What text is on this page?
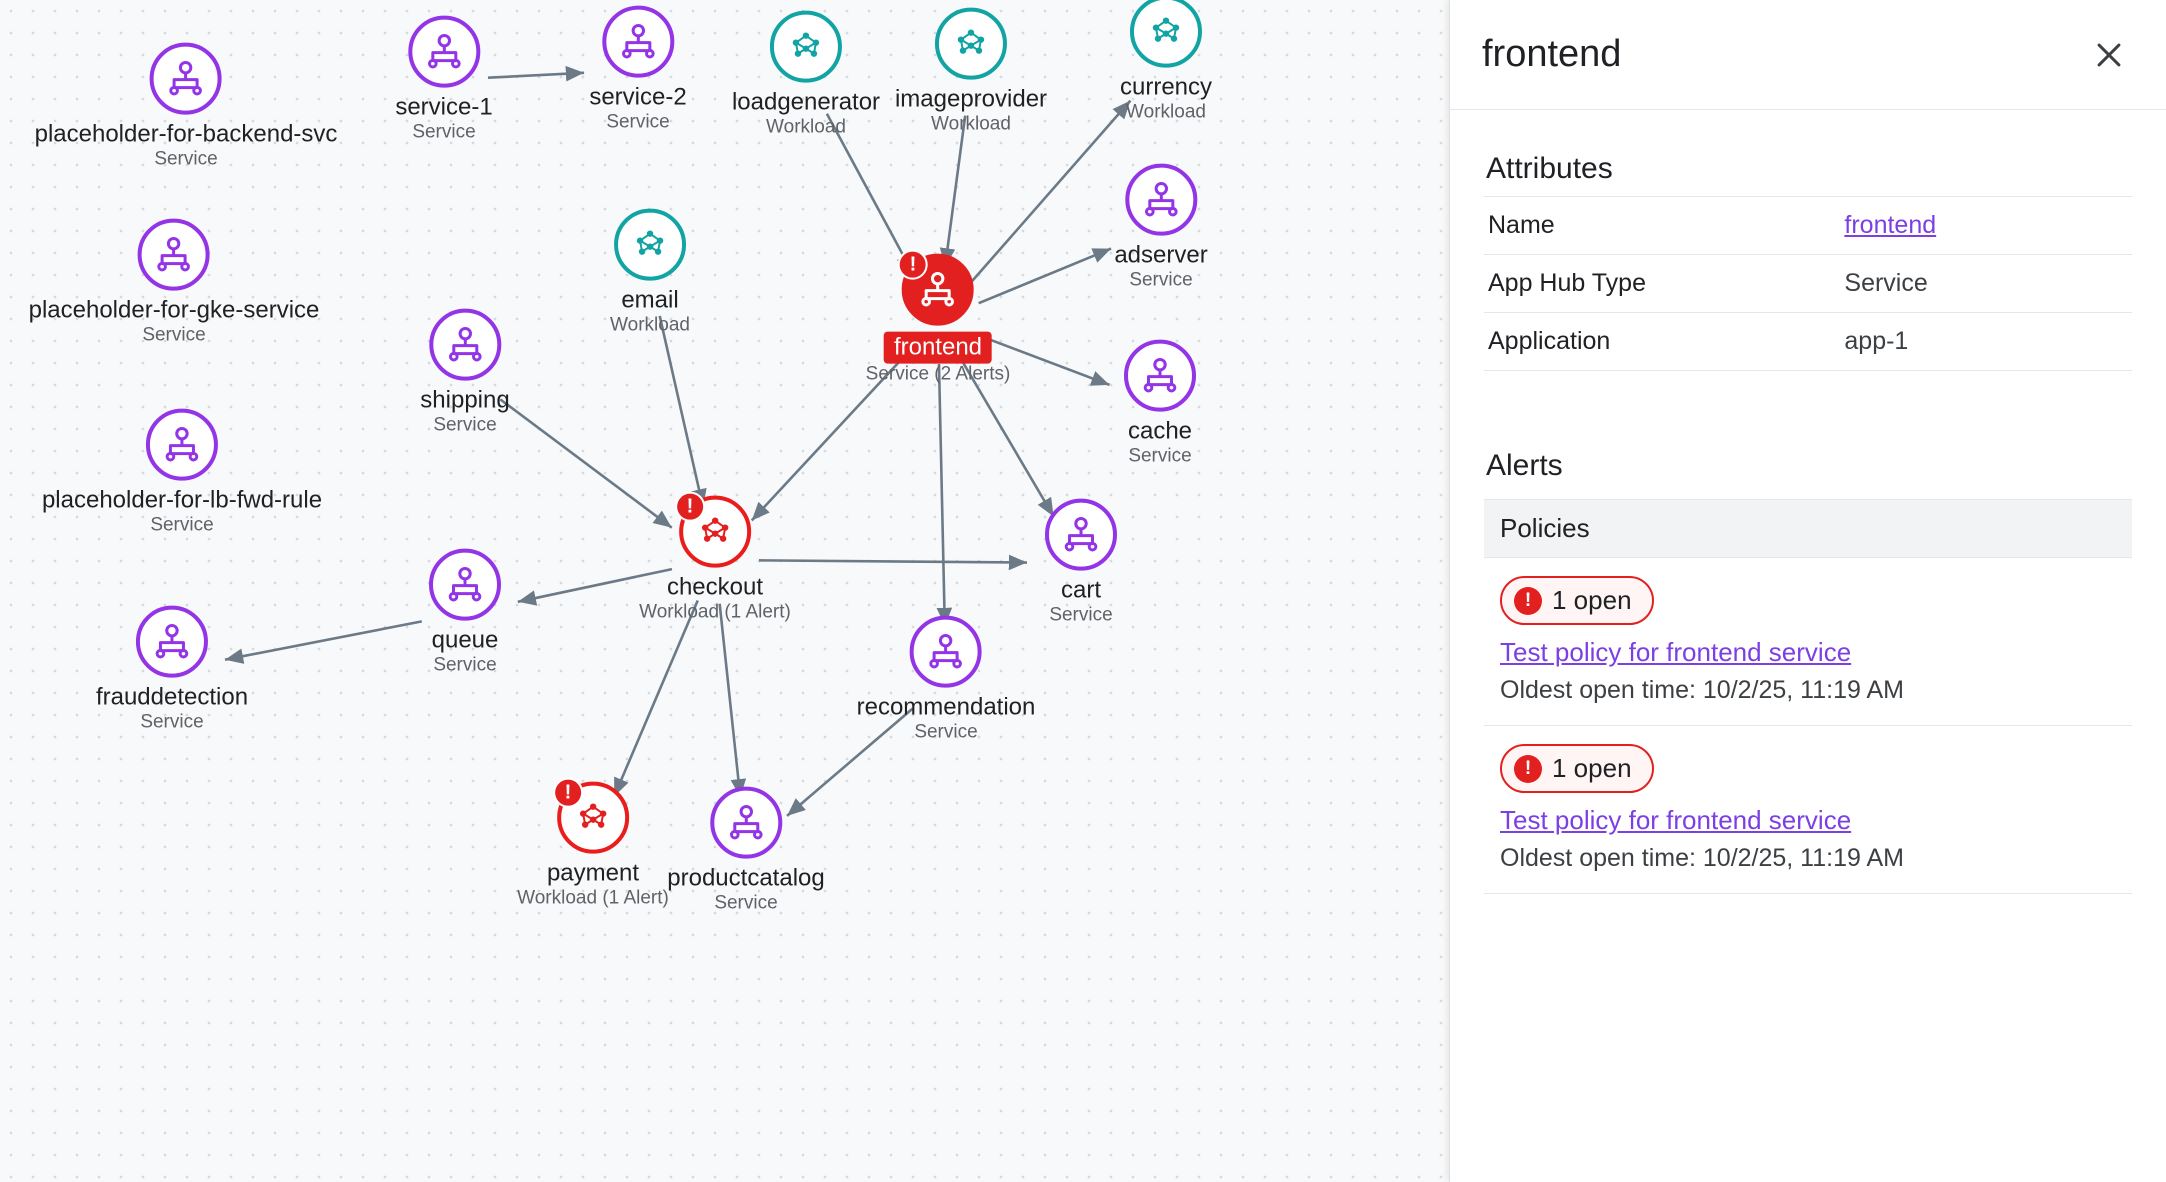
placeholder-for-backend-svc
Service
service-1
Service
service-2
Service
loadgenerator
Workload
imageprovider
Workload
currency
Workload
placeholder-for-gke-service
Service
email
Workload
adserver
Service
!
frontend
Service (2 Alerts)
shipping
Service
placeholder-for-lb-fwd-rule
Service
cache
Service
!
checkout
Workload (1 Alert)
cart
Service
queue
Service
frauddetection
Service
recommendation
Service
!
payment
Workload (1 Alert)
productcatalog
Service
frontend
Attributes
Name	frontend
App Hub Type	Service
Application	app-1
Alerts
Policies
! 1 open
Test policy for frontend service
Oldest open time: 10/2/25, 11:19 AM
! 1 open
Test policy for frontend service
Oldest open time: 10/2/25, 11:19 AM
